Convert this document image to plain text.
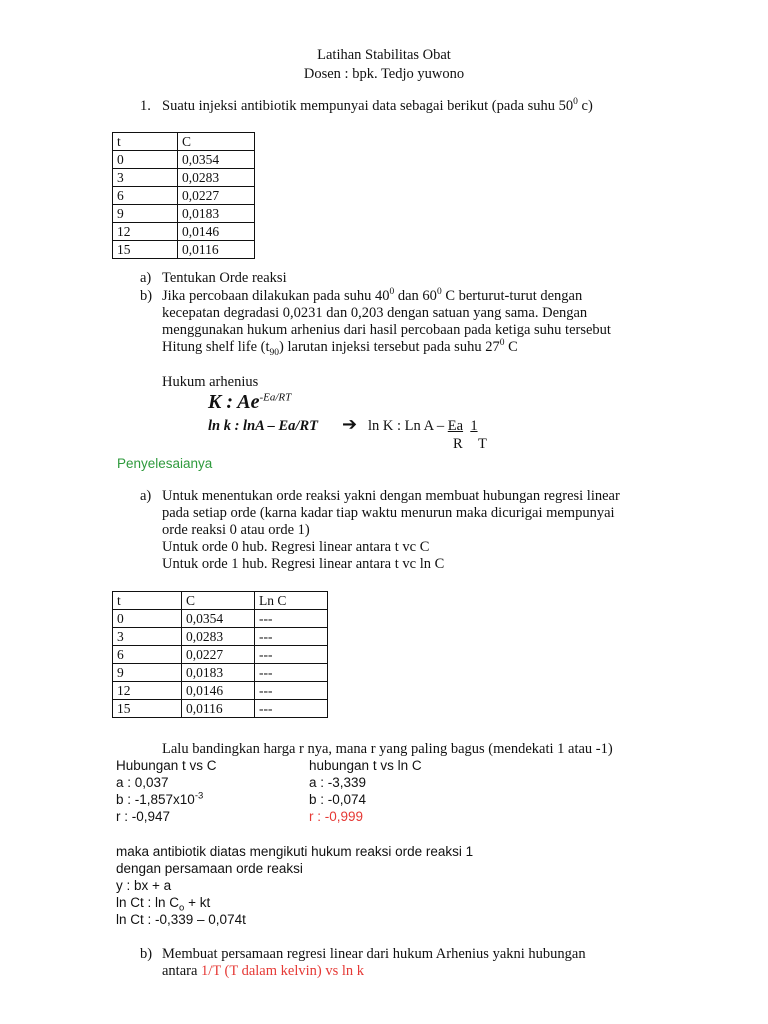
Latihan Stabilitas Obat
Dosen : bpk. Tedjo yuwono
1. Suatu injeksi antibiotik mempunyai data sebagai berikut (pada suhu $50^0$ c)
t	C
0	0,0354
3	0,0283
6	0,0227
9	0,0183
12	0,0146
15	0,0116
a) Tentukan Orde reaksi
b) Jika percobaan dilakukan pada suhu $40^0$ dan $60^0$ C berturut-turut dengan
kecepatan degradasi 0,0231 dan 0,203 dengan satuan yang sama. Dengan
menggunakan hukum arhenius dari hasil percobaan pada ketiga suhu tersebut
Hitung shelf life $(t_{90})$ larutan injeksi tersebut pada suhu $27^0$ C
Hukum arhenius
K : $Ae^{-Ea/RT}$
ln k : lnA – Ea/RT ➔ ln K : Ln A – Ea 1
R T
Penyelesaianya
a) Untuk menentukan orde reaksi yakni dengan membuat hubungan regresi linear
pada setiap orde (karna kadar tiap waktu menurun maka dicurigai mempunyai
orde reaksi 0 atau orde 1)
Untuk orde 0 hub. Regresi linear antara t vc C
Untuk orde 1 hub. Regresi linear antara t vc ln C
t	C	Ln C
0	0,0354	---
3	0,0283	---
6	0,0227	---
9	0,0183	---
12	0,0146	---
15	0,0116	---
Lalu bandingkan harga r nya, mana r yang paling bagus (mendekati 1 atau -1)
Hubungan t vs C
a : 0,037
b : $-1,857x10^{-3}$
r : -0,947
hubungan t vs ln C
a : -3,339
b : -0,074
r : -0,999
maka antibiotik diatas mengikuti hukum reaksi orde reaksi 1
dengan persamaan orde reaksi
y : bx + a
ln Ct : $\ln C_o$ + kt
ln Ct : -0,339 – 0,074t
b) Membuat persamaan regresi linear dari hukum Arhenius yakni hubungan
antara 1/T (T dalam kelvin) vs ln k
